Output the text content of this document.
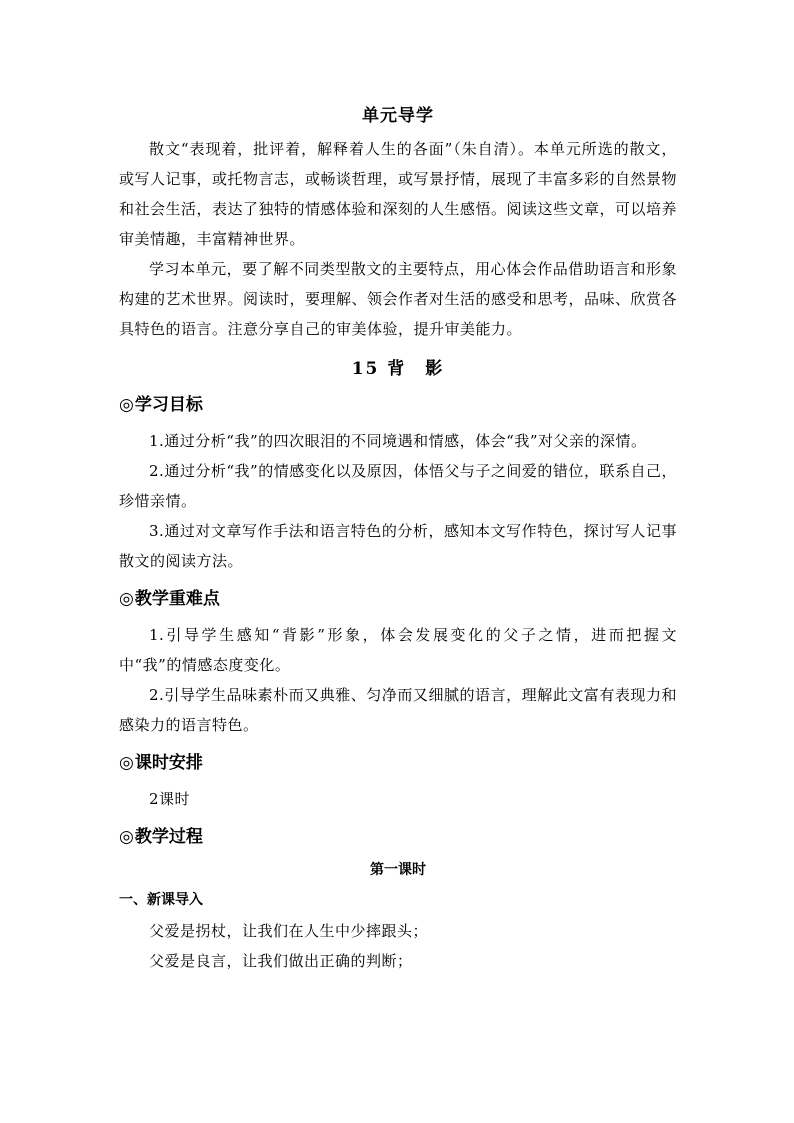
单元导学

散文“表现着，批评着，解释着人生的各面”（朱自清）。本单元所选的散文，或写人记事，或托物言志，或畅谈哲理，或写景抒情，展现了丰富多彩的自然景物和社会生活，表达了独特的情感体验和深刻的人生感悟。阅读这些文章，可以培养审美情趣，丰富精神世界。

学习本单元，要了解不同类型散文的主要特点，用心体会作品借助语言和形象构建的艺术世界。阅读时，要理解、领会作者对生活的感受和思考，品味、欣赏各具特色的语言。注意分享自己的审美体验，提升审美能力。

15 背　影
◎ 学习目标

1.通过分析“我”的四次眼泪的不同境遇和情感，体会“我”对父亲的深情。

2.通过分析“我”的情感变化以及原因，体悟父与子之间爱的错位，联系自己，珍惜亲情。

3.通过对文章写作手法和语言特色的分析，感知本文写作特色，探讨写人记事散文的阅读方法。

◎ 教学重难点

1.引导学生感知“背影”形象，体会发展变化的父子之情，进而把握文中“我”的情感态度变化。

2.引导学生品味素朴而又典雅、匀净而又细腻的语言，理解此文富有表现力和感染力的语言特色。

◎ 课时安排

2课时

◎ 教学过程
第一课时
一、新课导入

父爱是拐杖，让我们在人生中少摔跟头；

父爱是良言，让我们做出正确的判断；
